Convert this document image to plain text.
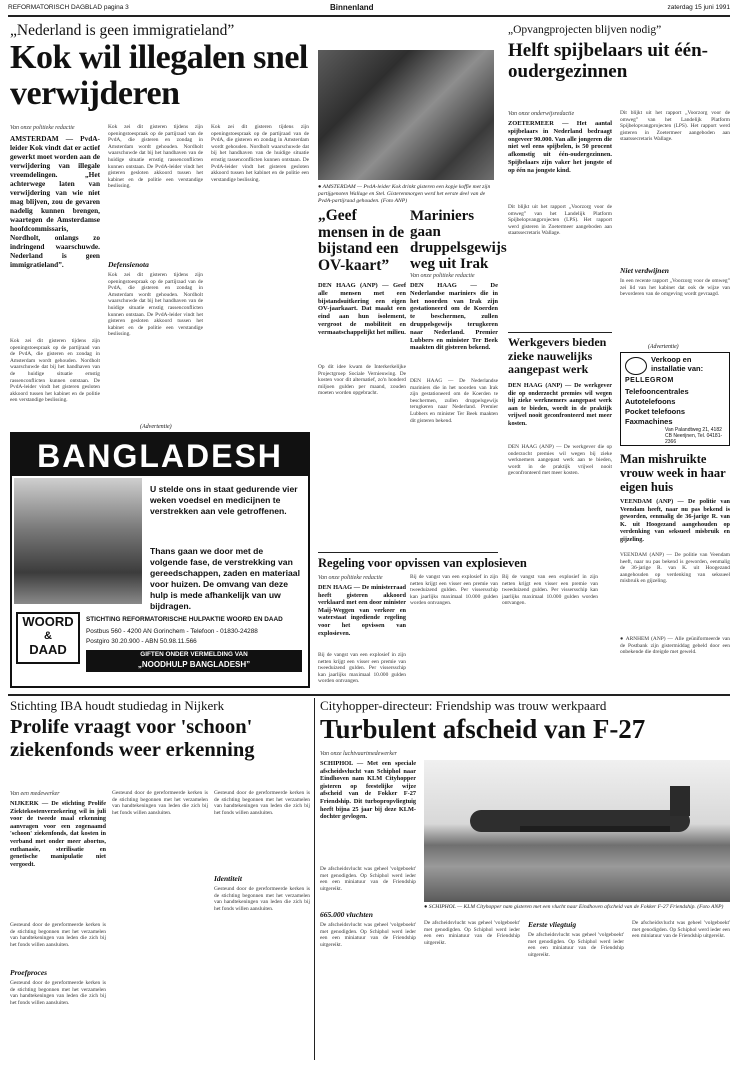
REFORMATORISCH DAGBLAD pagina 3	Binnenland	zaterdag 15 juni 1991
„Nederland is geen immigratieland”
Kok wil illegalen snel verwijderen
Van onze politieke redactie
AMSTERDAM — PvdA-leider Kok vindt dat er actief gewerkt moet worden aan de verwijdering van illegale vreemdelingen. „Het achterwege laten van verwijdering van wie niet mag blijven, zou de gevaren nadelig kunnen brengen, waartegen de Amsterdamse hoofdcommissaris, Nordholt, onlangs zo indringend waarschuwde. Nederland is geen immigratieland”.
Kok zei dit gisteren tijdens zijn openingstoespraak op de partijraad van de PvdA, die gisteren en zondag in Amsterdam wordt gehouden. Nordholt waarschuwde dat bij het handhaven van de huidige situatie ernstig rassenconflicten kunnen ontstaan. De PvdA-leider vindt het gisteren gesloten akkoord tussen het kabinet en de politie een verstandige beslissing.
Kok zei dit gisteren tijdens zijn openingstoespraak op de partijraad van de PvdA, die gisteren en zondag in Amsterdam wordt gehouden. Nordholt waarschuwde dat bij het handhaven van de huidige situatie ernstig rassenconflicten kunnen ontstaan. De PvdA-leider vindt het gisteren gesloten akkoord tussen het kabinet en de politie een verstandige beslissing.
Defensienota
Kok zei dit gisteren tijdens zijn openingstoespraak op de partijraad van de PvdA, die gisteren en zondag in Amsterdam wordt gehouden. Nordholt waarschuwde dat bij het handhaven van de huidige situatie ernstig rassenconflicten kunnen ontstaan. De PvdA-leider vindt het gisteren gesloten akkoord tussen het kabinet en de politie een verstandige beslissing.
Kok zei dit gisteren tijdens zijn openingstoespraak op de partijraad van de PvdA, die gisteren en zondag in Amsterdam wordt gehouden. Nordholt waarschuwde dat bij het handhaven van de huidige situatie ernstig rassenconflicten kunnen ontstaan. De PvdA-leider vindt het gisteren gesloten akkoord tussen het kabinet en de politie een verstandige beslissing.
(Advertentie)
BANGLADESH
U steldе ons in staat gedurende vier weken voedsel en medicijnen te verstrekken aan vele getroffenen.
Thans gaan we door met de volgende fase, de verstrekking van gereedschappen, zaden en materiaal voor huizen. De omvang van deze hulp is mede afhankelijk van uw bijdragen.
WOORD
&
DAAD
STICHTING REFORMATORISCHE HULPAKTIE WOORD EN DAAD
Postbus 560 - 4200 AN Gorinchem - Telefoon - 01830-24288
Postgiro 30.20.900 - ABN 50.98.11.566
GIFTEN ONDER VERMELDING VAN
„NOODHULP BANGLADESH”
● AMSTERDAM — PvdA-leider Kok drinkt gisteren een kopje koffie met zijn partijgenoten Wallage en Stel. Gisterenmorgen werd het eerste deel van de PvdA-partijraad gehouden. (Foto ANP)
„Geef mensen in de bijstand een OV-kaart”
DEN HAAG (ANP) — Geef alle mensen met een bijstandsuitkering een eigen OV-jaarkaart. Dat maakt een eind aan hun isolement, vergroot de mobiliteit en vermaatschappelijkt het milieu.
Op dit idee kwam de Interkerkelijke Projectgroep Sociale Vernieuwing. De kosten voor dit alternatief, zo'n honderd miljoen gulden per maand, zouden moeten worden opgebracht.
Mariniers gaan druppelsgewijs weg uit Irak
Van onze politieke redactie
DEN HAAG — De Nederlandse mariniers die in het noorden van Irak zijn gestationeerd om de Koerden te beschermen, zullen druppelsgewijs terugkeren naar Nederland. Premier Lubbers en minister Ter Beek maakten dit gisteren bekend.
DEN HAAG — De Nederlandse mariniers die in het noorden van Irak zijn gestationeerd om de Koerden te beschermen, zullen druppelsgewijs terugkeren naar Nederland. Premier Lubbers en minister Ter Beek maakten dit gisteren bekend.
Regeling voor opvissen van explosieven
Van onze politieke redactie
DEN HAAG — De ministerraad heeft gisteren akkoord verklaard met een door minister Maij-Weggen van verkeer en waterstaat ingediende regeling voor het opvissen van explosieven.
Bij de vangst van een explosief in zijn netten krijgt een visser een premie van tweeduizend gulden. Per vissersschip kan jaarlijks maximaal 10.000 gulden worden ontvangen.
Bij de vangst van een explosief in zijn netten krijgt een visser een premie van tweeduizend gulden. Per vissersschip kan jaarlijks maximaal 10.000 gulden worden ontvangen.
Bij de vangst van een explosief in zijn netten krijgt een visser een premie van tweeduizend gulden. Per vissersschip kan jaarlijks maximaal 10.000 gulden worden ontvangen.
„Opvangprojecten blijven nodig”
Helft spijbelaars uit één-oudergezinnen
Van onze onderwijsredactie
ZOETERMEER — Het aantal spijbelaars in Nederland bedraagt ongeveer 90.000. Van alle jongeren die niet wel eens spijbelen, is 50 procent afkomstig uit één-oudergezinnen. Spijbelaars zijn vaker het jongste of op één na jongste kind.
Dit blijkt uit het rapport „Voorzorg voor de omweg” van het Landelijk Platform Spijbelopvangprojecten (LPS). Het rapport werd gisteren in Zoetermeer aangeboden aan staatssecretaris Wallage.
Dit blijkt uit het rapport „Voorzorg voor de omweg” van het Landelijk Platform Spijbelopvangprojecten (LPS). Het rapport werd gisteren in Zoetermeer aangeboden aan staatssecretaris Wallage.
Niet verdwijnen
In een recente rapport „Voorzorg voor de omweg” zei lid van het kabinet dat ook de wijze van bevorderen van de omgeving wordt gevraagd.
Werkgevers bieden zieke nauwelijks aangepast werk
DEN HAAG (ANP) — De werkgever die op onderzocht premies wil wegen bij zieke werknemers aangepast werk aan te bieden, wordt in de praktijk vrijwel nooit geconfronteerd met meer kosten.
DEN HAAG (ANP) — De werkgever die op onderzocht premies wil wegen bij zieke werknemers aangepast werk aan te bieden, wordt in de praktijk vrijwel nooit geconfronteerd met meer kosten.
(Advertentie)
Verkoop en installatie van:
PELLEGROM
Telefooncentrales
Autotelefoons
Pocket telefoons
Faxmachines
Van Palandtweg 21, 4182 CB Neerijnen, Tel. 04181-2366
Man mishruikte vrouw week in haar eigen huis
VEENDAM (ANP) — De politie van Veendam heeft, naar nu pas bekend is geworden, eenmalig de 36-jarige R. van K. uit Hoogezand aangehouden op verdenking van seksueel misbruik en gijzeling.
VEENDAM (ANP) — De politie van Veendam heeft, naar nu pas bekend is geworden, eenmalig de 36-jarige R. van K. uit Hoogezand aangehouden op verdenking van seksueel misbruik en gijzeling.
● ARNHEM (ANP) — Alle geüniformeerde van de Postbank zijn gistermiddag gebeld door een onbekende die dreigde met geweld.
Stichting IBA houdt studiedag in Nijkerk
Prolife vraagt voor 'schoon' ziekenfonds weer erkenning
Van een medewerker
NIJKERK — De stichting Prolife Ziektekostenverzekering wil in juli voor de tweede maal erkenning aanvragen voor een zogenaamd 'schoon' ziekenfonds, dat kosten in verband met onder meer abortus, euthanasie, sterilisatie en genetische manipulatie niet vergoedt.
Gesteund door de gereformeerde kerken is de stichting begonnen met het verzamelen van handtekeningen van leden die zich bij het fonds willen aansluiten.
Proefproces
Gesteund door de gereformeerde kerken is de stichting begonnen met het verzamelen van handtekeningen van leden die zich bij het fonds willen aansluiten.
Gesteund door de gereformeerde kerken is de stichting begonnen met het verzamelen van handtekeningen van leden die zich bij het fonds willen aansluiten.
Gesteund door de gereformeerde kerken is de stichting begonnen met het verzamelen van handtekeningen van leden die zich bij het fonds willen aansluiten.
Identiteit
Gesteund door de gereformeerde kerken is de stichting begonnen met het verzamelen van handtekeningen van leden die zich bij het fonds willen aansluiten.
Cityhopper-directeur: Friendship was trouw werkpaard
Turbulent afscheid van F-27
Van onze luchtvaartmedewerker
SCHIPHOL — Met een speciale afscheidsvlucht van Schiphol naar Eindhoven nam KLM Cityhopper gisteren op feestelijke wijze afscheid van de Fokker F-27 Friendship. Dit turbopropvliegtuig heeft bijna 25 jaar bij deze KLM-dochter gevlogen.
De afscheidsvlucht was geheel 'volgeboekt' met genodigden. Op Schiphol werd ieder een een miniatuur van de Friendship uitgereikt.
665.000 vluchten
De afscheidsvlucht was geheel 'volgeboekt' met genodigden. Op Schiphol werd ieder een een miniatuur van de Friendship uitgereikt.
● SCHIPHOL — KLM Cityhopper nam gisteren met een vlucht naar Eindhoven afscheid van de Fokker F-27 Friendship. (Foto ANP)
De afscheidsvlucht was geheel 'volgeboekt' met genodigden. Op Schiphol werd ieder een een miniatuur van de Friendship uitgereikt.
Eerste vliegtuig
De afscheidsvlucht was geheel 'volgeboekt' met genodigden. Op Schiphol werd ieder een een miniatuur van de Friendship uitgereikt.
De afscheidsvlucht was geheel 'volgeboekt' met genodigden. Op Schiphol werd ieder een een miniatuur van de Friendship uitgereikt.
